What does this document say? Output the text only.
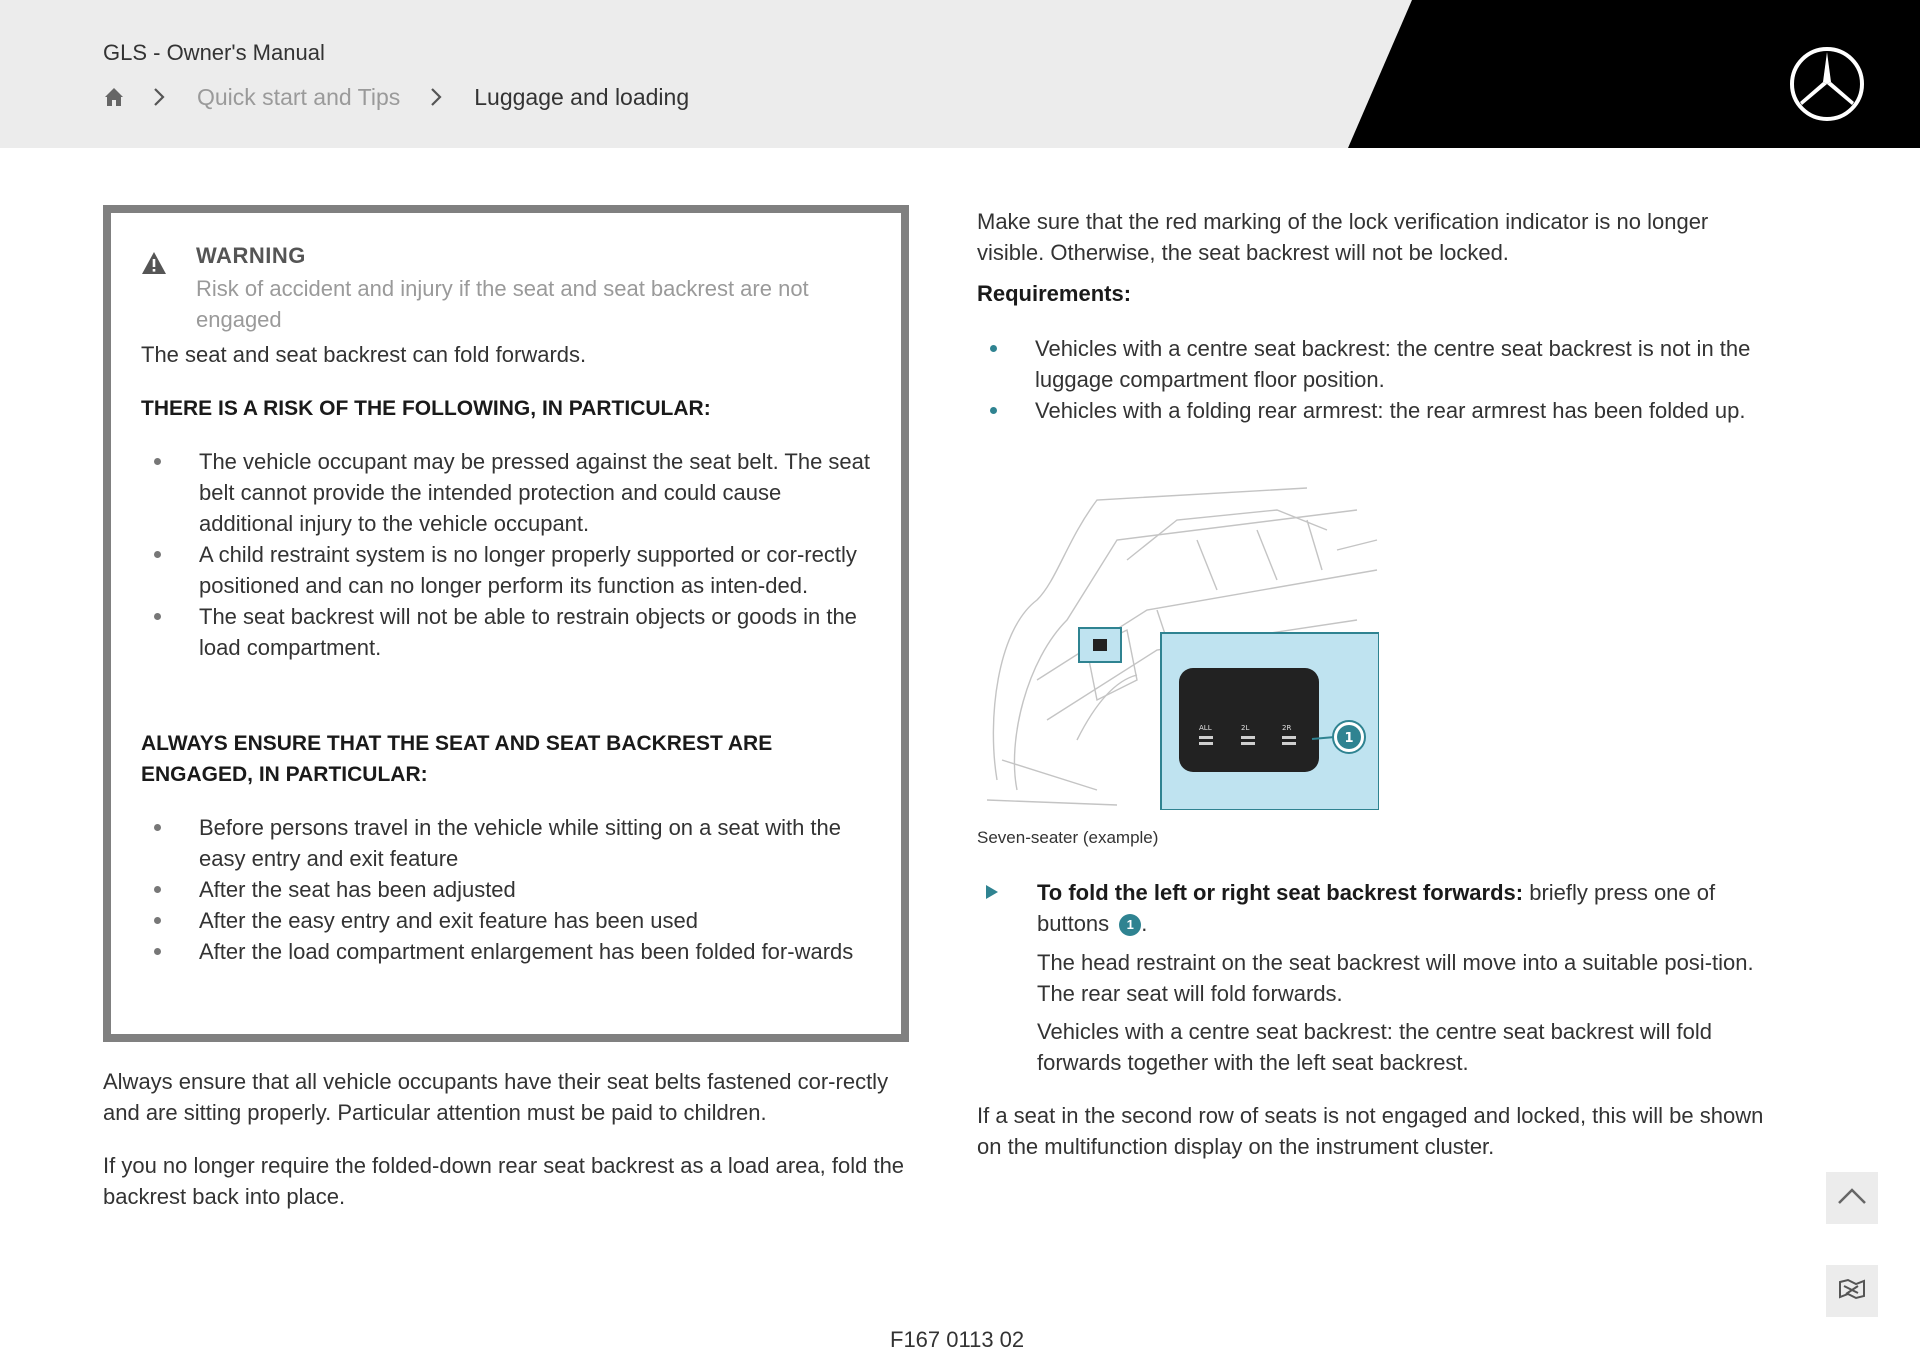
GLS - Owner's Manual
Quick start and Tips	Luggage and loading
WARNING
Risk of accident and injury if the seat and seat backrest are not engaged
The seat and seat backrest can fold forwards.
THERE IS A RISK OF THE FOLLOWING, IN PARTICULAR:
The vehicle occupant may be pressed against the seat belt. The seat belt cannot provide the intended protection and could cause additional injury to the vehicle occupant.
A child restraint system is no longer properly supported or cor-rectly positioned and can no longer perform its function as inten-ded.
The seat backrest will not be able to restrain objects or goods in the load compartment.
ALWAYS ENSURE THAT THE SEAT AND SEAT BACKREST ARE ENGAGED, IN PARTICULAR:
Before persons travel in the vehicle while sitting on a seat with the easy entry and exit feature
After the seat has been adjusted
After the easy entry and exit feature has been used
After the load compartment enlargement has been folded for-wards
Always ensure that all vehicle occupants have their seat belts fastened cor-rectly and are sitting properly. Particular attention must be paid to children.
If you no longer require the folded-down rear seat backrest as a load area, fold the backrest back into place.
Make sure that the red marking of the lock verification indicator is no longer visible. Otherwise, the seat backrest will not be locked.
Requirements:
Vehicles with a centre seat backrest: the centre seat backrest is not in the luggage compartment floor position.
Vehicles with a folding rear armrest: the rear armrest has been folded up.
ALL	2L	2R
1
Seven-seater (example)
To fold the left or right seat backrest forwards: briefly press one of buttons 1 .
The head restraint on the seat backrest will move into a suitable posi-tion. The rear seat will fold forwards.
Vehicles with a centre seat backrest: the centre seat backrest will fold forwards together with the left seat backrest.
If a seat in the second row of seats is not engaged and locked, this will be shown on the multifunction display on the instrument cluster.
F167 0113 02
